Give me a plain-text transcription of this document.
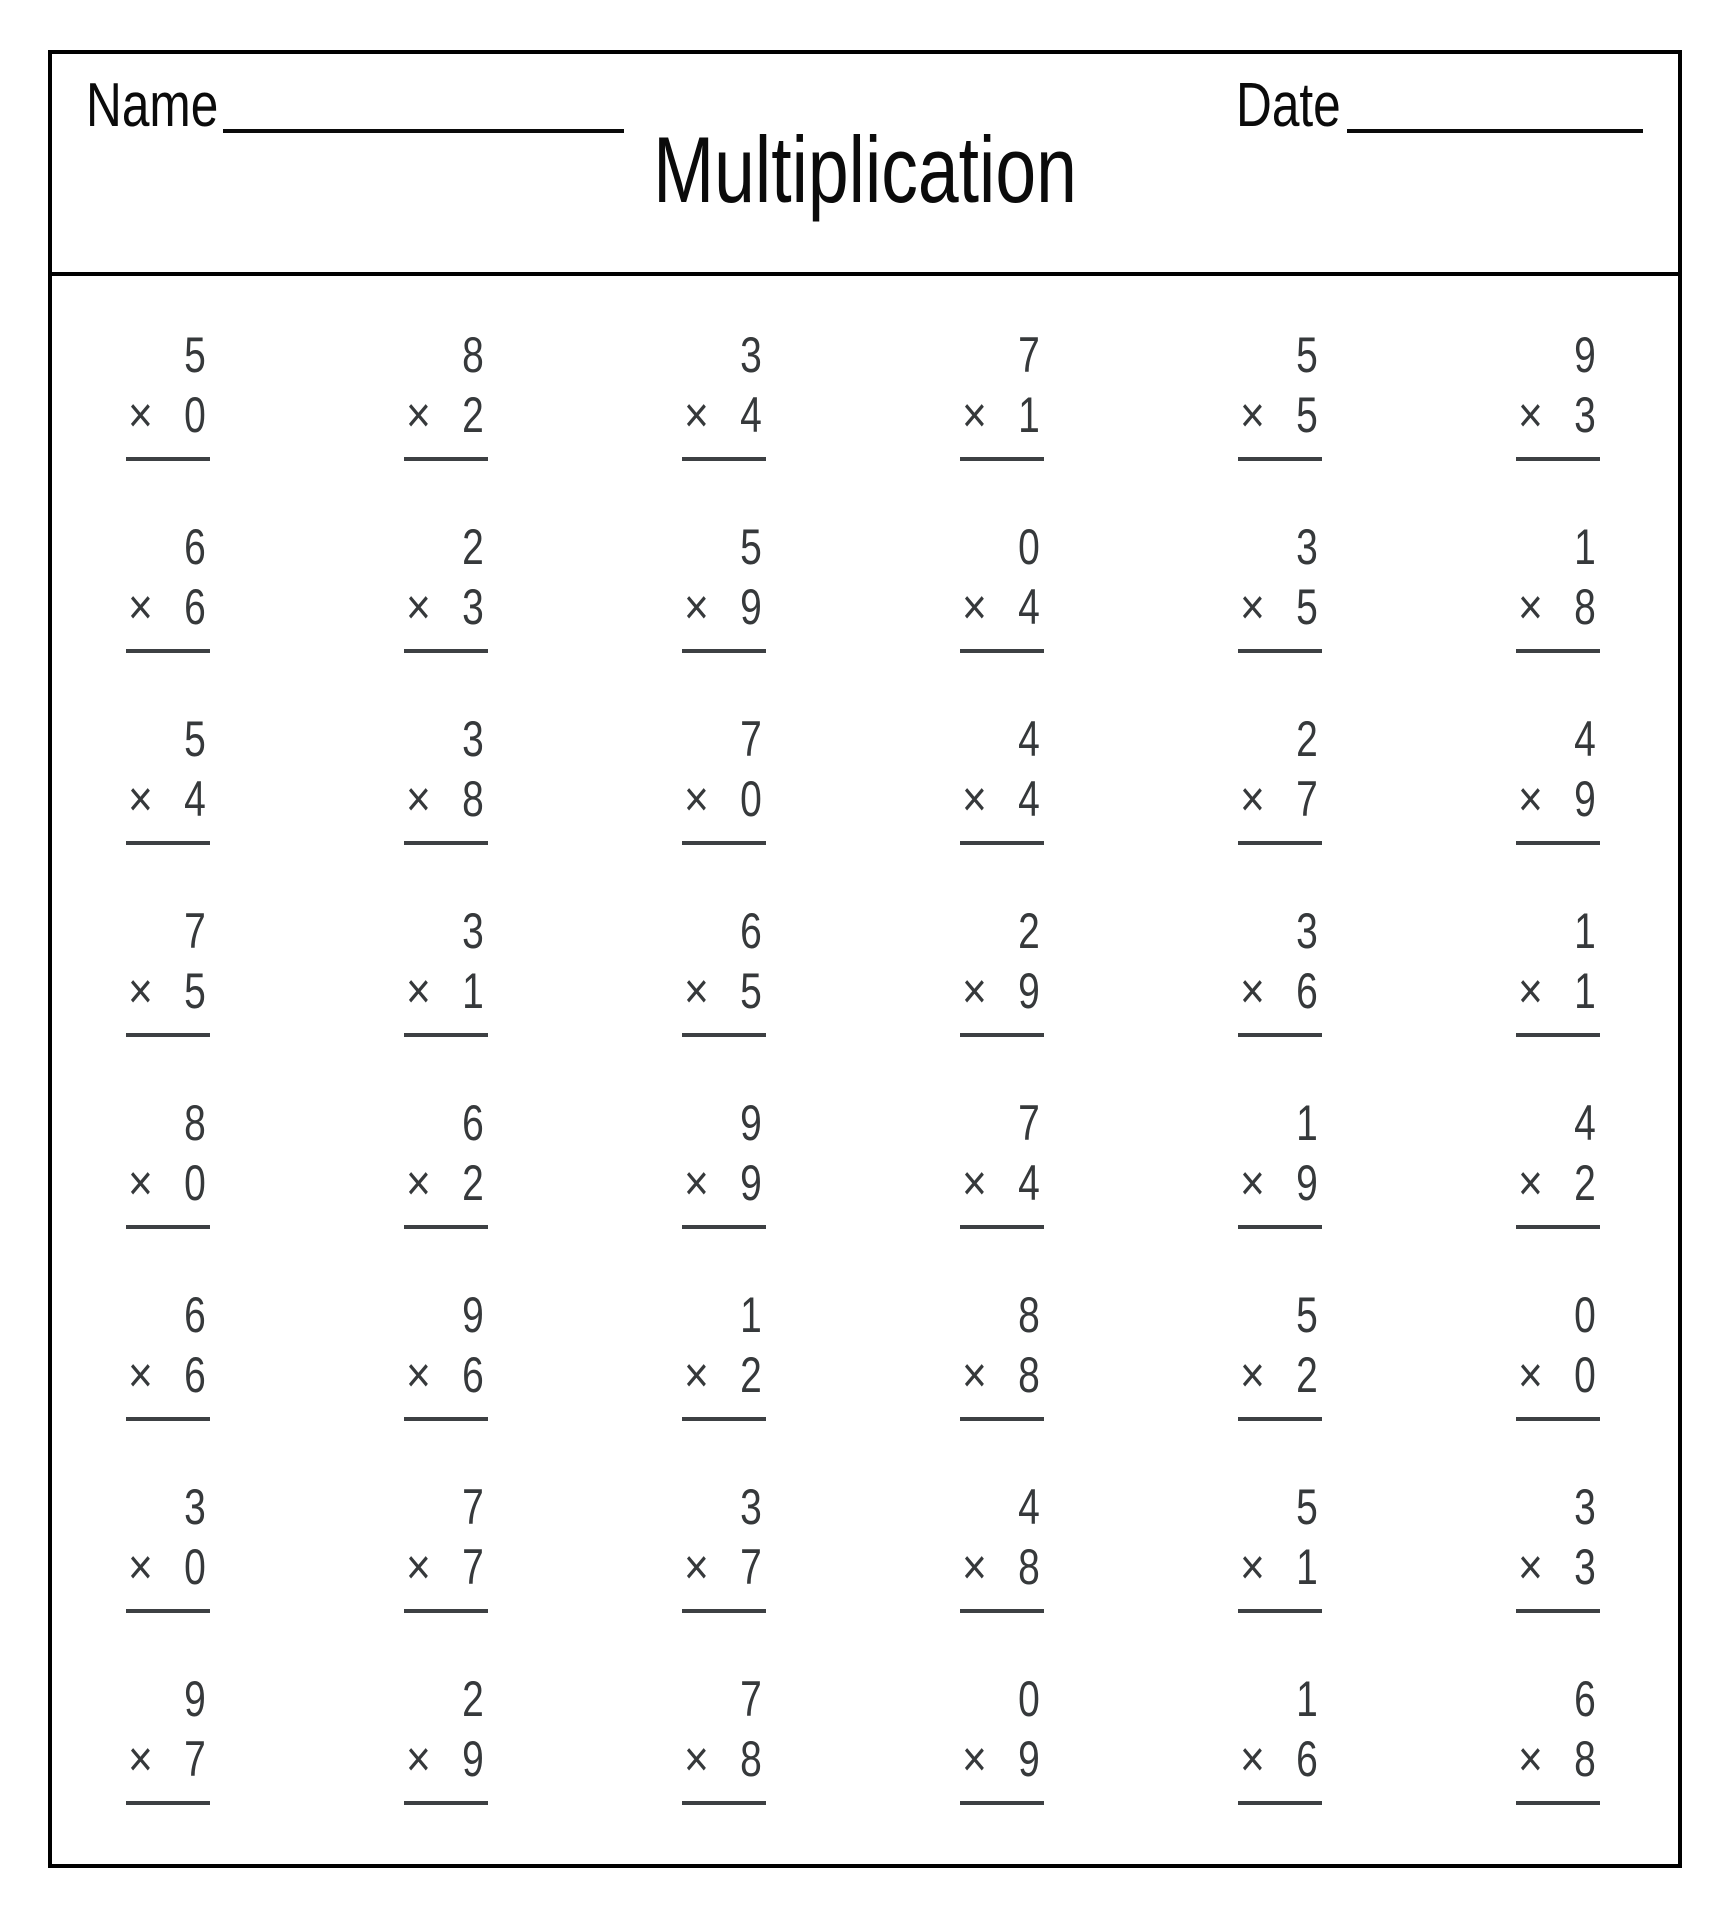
Name	Date
Multiplication
5
× 0
8
× 2
3
× 4
7
× 1
5
× 5
9
× 3
6
× 6
2
× 3
5
× 9
0
× 4
3
× 5
1
× 8
5
× 4
3
× 8
7
× 0
4
× 4
2
× 7
4
× 9
7
× 5
3
× 1
6
× 5
2
× 9
3
× 6
1
× 1
8
× 0
6
× 2
9
× 9
7
× 4
1
× 9
4
× 2
6
× 6
9
× 6
1
× 2
8
× 8
5
× 2
0
× 0
3
× 0
7
× 7
3
× 7
4
× 8
5
× 1
3
× 3
9
× 7
2
× 9
7
× 8
0
× 9
1
× 6
6
× 8
